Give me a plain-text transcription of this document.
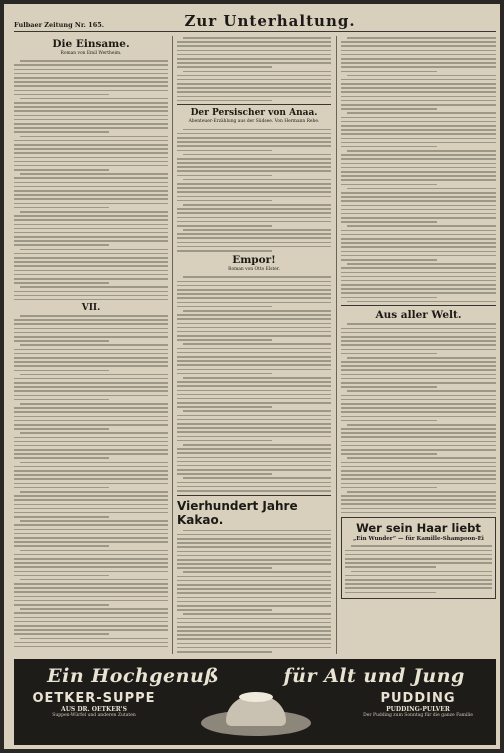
Fulbaer Zeitung Nr. 165.	Zur Unterhaltung.
Die Einsame.
Roman von Emil Wertheim.
VII.
Der Persischer von Anaa.
Abenteuer-Erzählung aus der Südsee. Von Hermann Rebe.
Empor!
Roman von Otto Elster.
Vierhundert Jahre Kakao.
Aus aller Welt.
Wer sein Haar liebt
„Ein Wunder“ — für Kamille-Shampoon-Ei
Ein Hochgenuß	für Alt und Jung
OETKER-SUPPE
AUS DR. OETKER'S
Suppen-Würfel und anderen Zutaten
PUDDING
PUDDING-PULVER
Der Pudding zum Sonntag für die ganze Familie
